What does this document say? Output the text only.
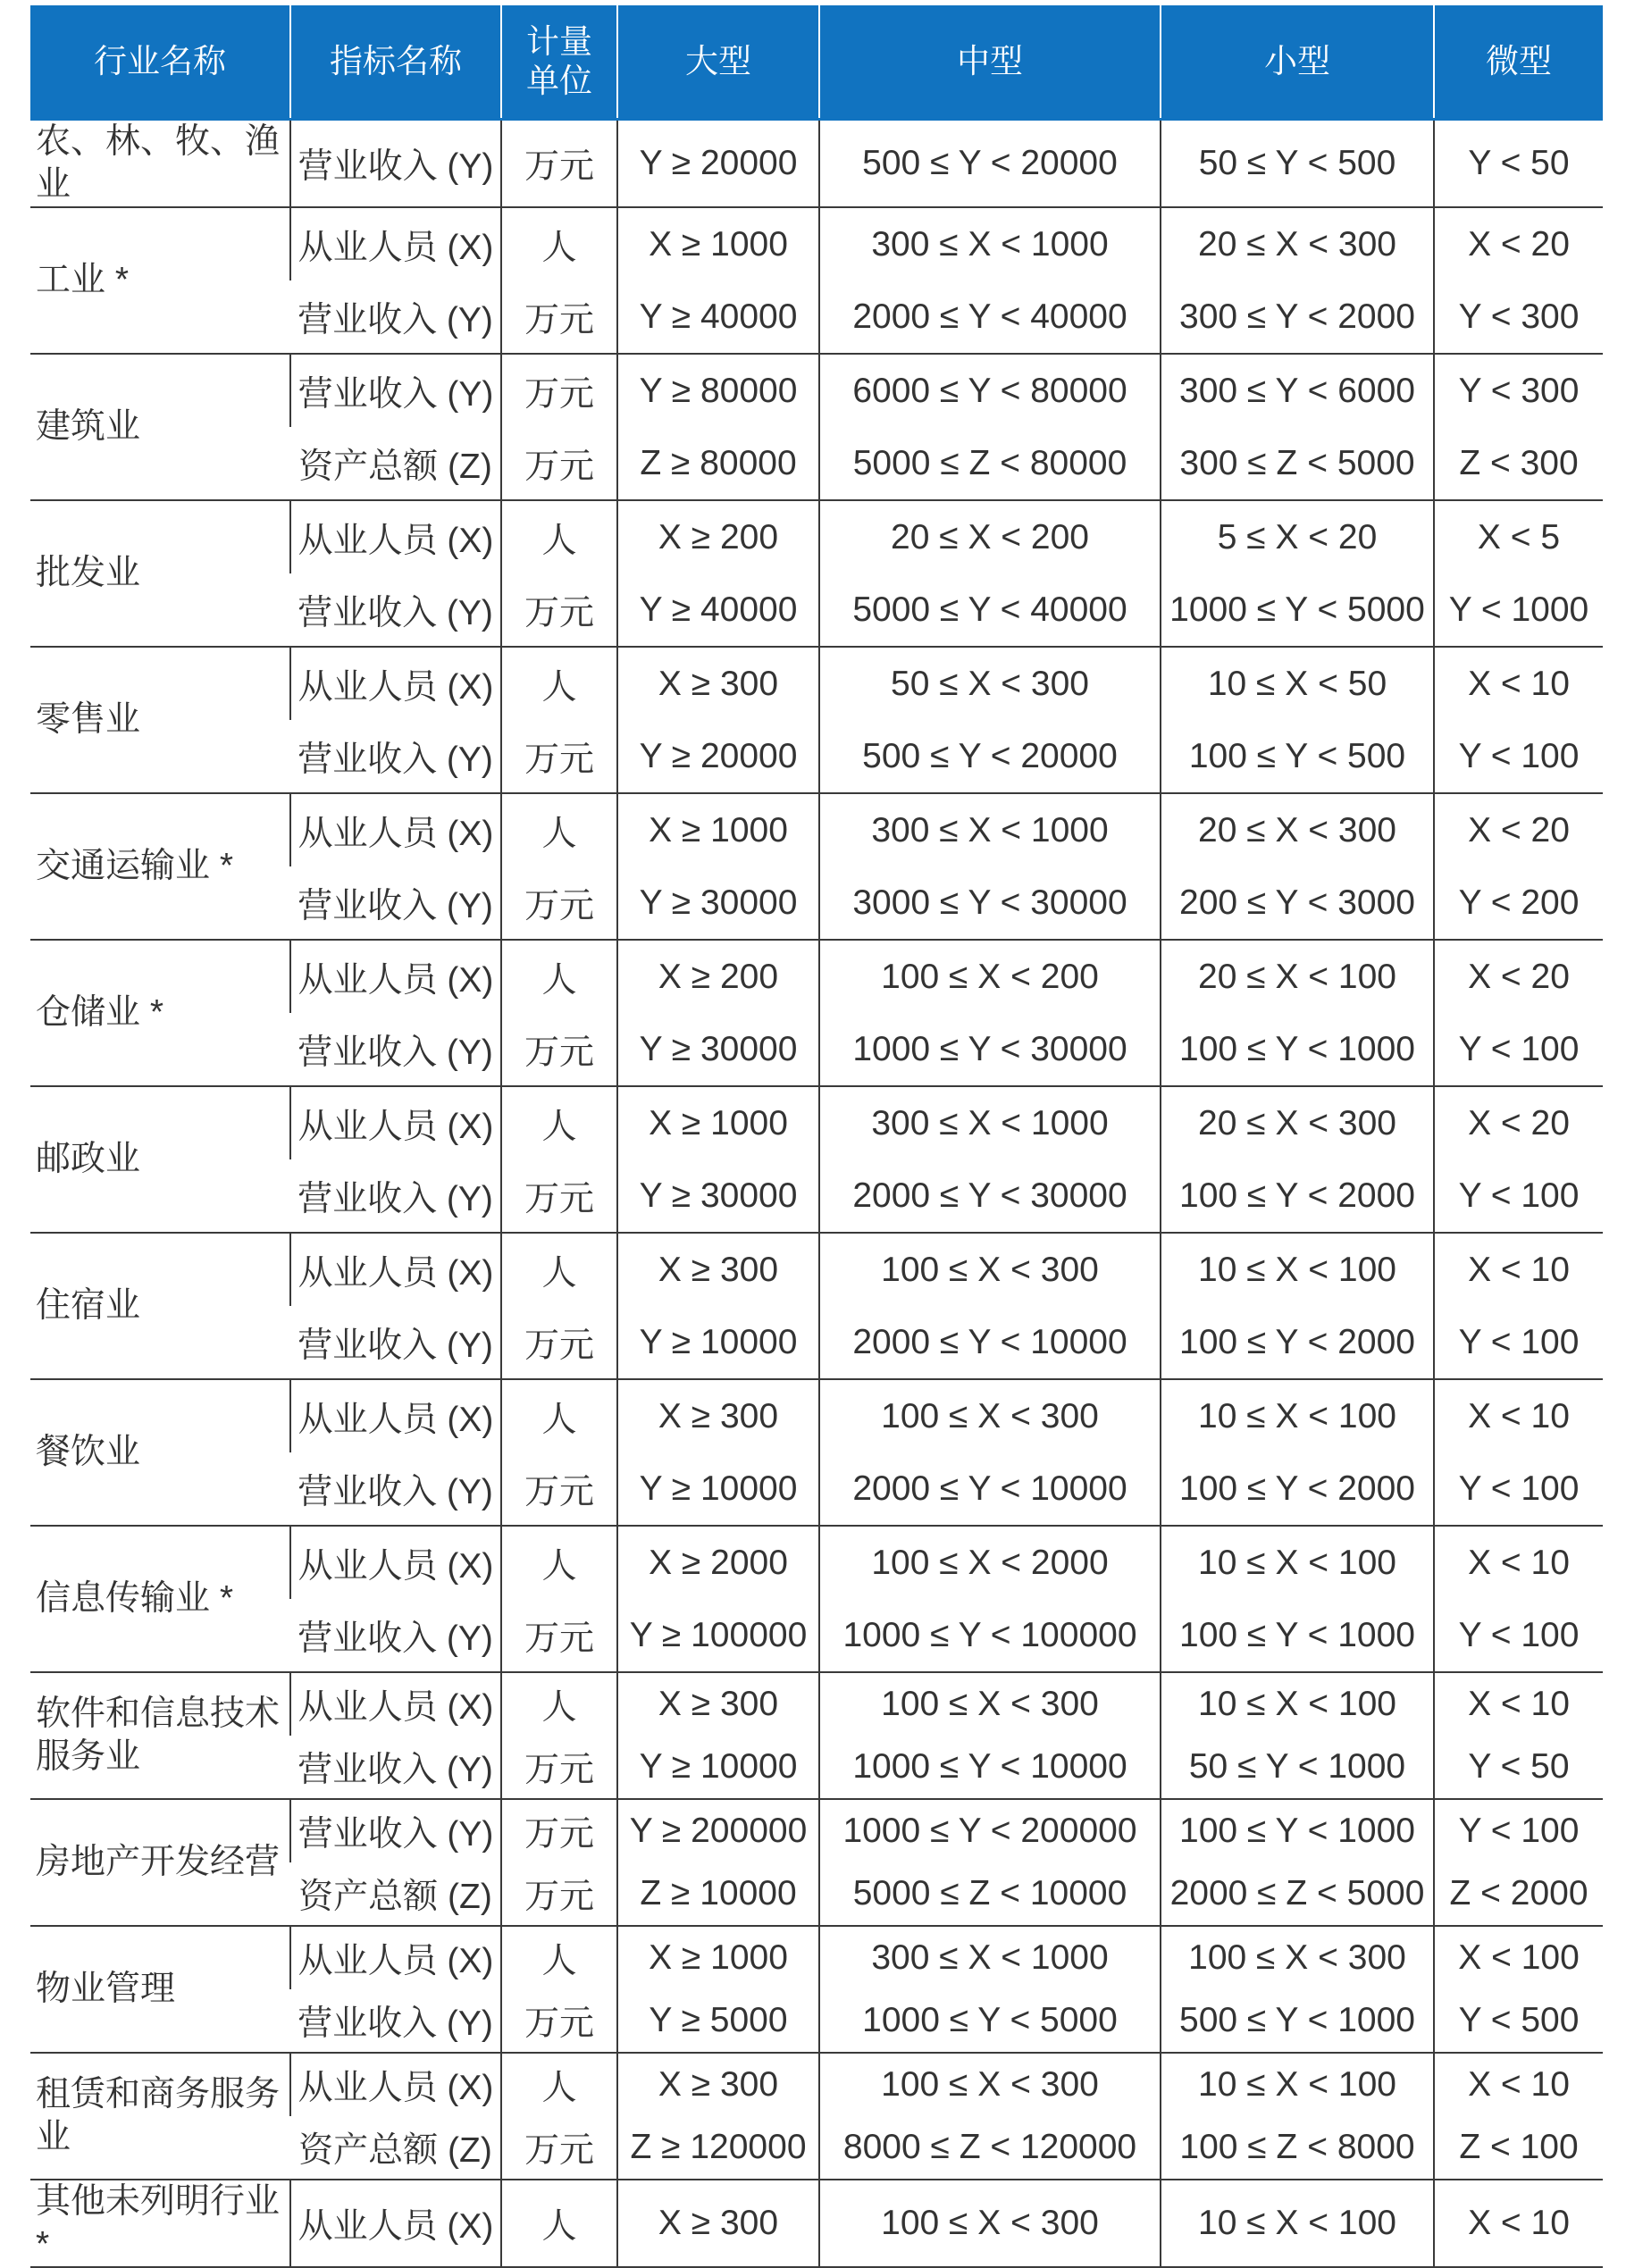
行业名称	指标名称	计量单位	大型	中型	小型	微型
农、林、牧、渔业	营业收入 (Y)	万元	Y ≥ 20000	500 ≤ Y < 20000	50 ≤ Y < 500	Y < 50
工业 *	从业人员 (X)	人	X ≥ 1000	300 ≤ X < 1000	20 ≤ X < 300	X < 20
	营业收入 (Y)	万元	Y ≥ 40000	2000 ≤ Y < 40000	300 ≤ Y < 2000	Y < 300
建筑业	营业收入 (Y)	万元	Y ≥ 80000	6000 ≤ Y < 80000	300 ≤ Y < 6000	Y < 300
	资产总额 (Z)	万元	Z ≥ 80000	5000 ≤ Z < 80000	300 ≤ Z < 5000	Z < 300
批发业	从业人员 (X)	人	X ≥ 200	20 ≤ X < 200	5 ≤ X < 20	X < 5
	营业收入 (Y)	万元	Y ≥ 40000	5000 ≤ Y < 40000	1000 ≤ Y < 5000	Y < 1000
零售业	从业人员 (X)	人	X ≥ 300	50 ≤ X < 300	10 ≤ X < 50	X < 10
	营业收入 (Y)	万元	Y ≥ 20000	500 ≤ Y < 20000	100 ≤ Y < 500	Y < 100
交通运输业 *	从业人员 (X)	人	X ≥ 1000	300 ≤ X < 1000	20 ≤ X < 300	X < 20
	营业收入 (Y)	万元	Y ≥ 30000	3000 ≤ Y < 30000	200 ≤ Y < 3000	Y < 200
仓储业 *	从业人员 (X)	人	X ≥ 200	100 ≤ X < 200	20 ≤ X < 100	X < 20
	营业收入 (Y)	万元	Y ≥ 30000	1000 ≤ Y < 30000	100 ≤ Y < 1000	Y < 100
邮政业	从业人员 (X)	人	X ≥ 1000	300 ≤ X < 1000	20 ≤ X < 300	X < 20
	营业收入 (Y)	万元	Y ≥ 30000	2000 ≤ Y < 30000	100 ≤ Y < 2000	Y < 100
住宿业	从业人员 (X)	人	X ≥ 300	100 ≤ X < 300	10 ≤ X < 100	X < 10
	营业收入 (Y)	万元	Y ≥ 10000	2000 ≤ Y < 10000	100 ≤ Y < 2000	Y < 100
餐饮业	从业人员 (X)	人	X ≥ 300	100 ≤ X < 300	10 ≤ X < 100	X < 10
	营业收入 (Y)	万元	Y ≥ 10000	2000 ≤ Y < 10000	100 ≤ Y < 2000	Y < 100
信息传输业 *	从业人员 (X)	人	X ≥ 2000	100 ≤ X < 2000	10 ≤ X < 100	X < 10
	营业收入 (Y)	万元	Y ≥ 100000	1000 ≤ Y < 100000	100 ≤ Y < 1000	Y < 100
软件和信息技术服务业	从业人员 (X)	人	X ≥ 300	100 ≤ X < 300	10 ≤ X < 100	X < 10
	营业收入 (Y)	万元	Y ≥ 10000	1000 ≤ Y < 10000	50 ≤ Y < 1000	Y < 50
房地产开发经营	营业收入 (Y)	万元	Y ≥ 200000	1000 ≤ Y < 200000	100 ≤ Y < 1000	Y < 100
	资产总额 (Z)	万元	Z ≥ 10000	5000 ≤ Z < 10000	2000 ≤ Z < 5000	Z < 2000
物业管理	从业人员 (X)	人	X ≥ 1000	300 ≤ X < 1000	100 ≤ X < 300	X < 100
	营业收入 (Y)	万元	Y ≥ 5000	1000 ≤ Y < 5000	500 ≤ Y < 1000	Y < 500
租赁和商务服务业	从业人员 (X)	人	X ≥ 300	100 ≤ X < 300	10 ≤ X < 100	X < 10
	资产总额 (Z)	万元	Z ≥ 120000	8000 ≤ Z < 120000	100 ≤ Z < 8000	Z < 100
其他未列明行业 *	从业人员 (X)	人	X ≥ 300	100 ≤ X < 300	10 ≤ X < 100	X < 10
